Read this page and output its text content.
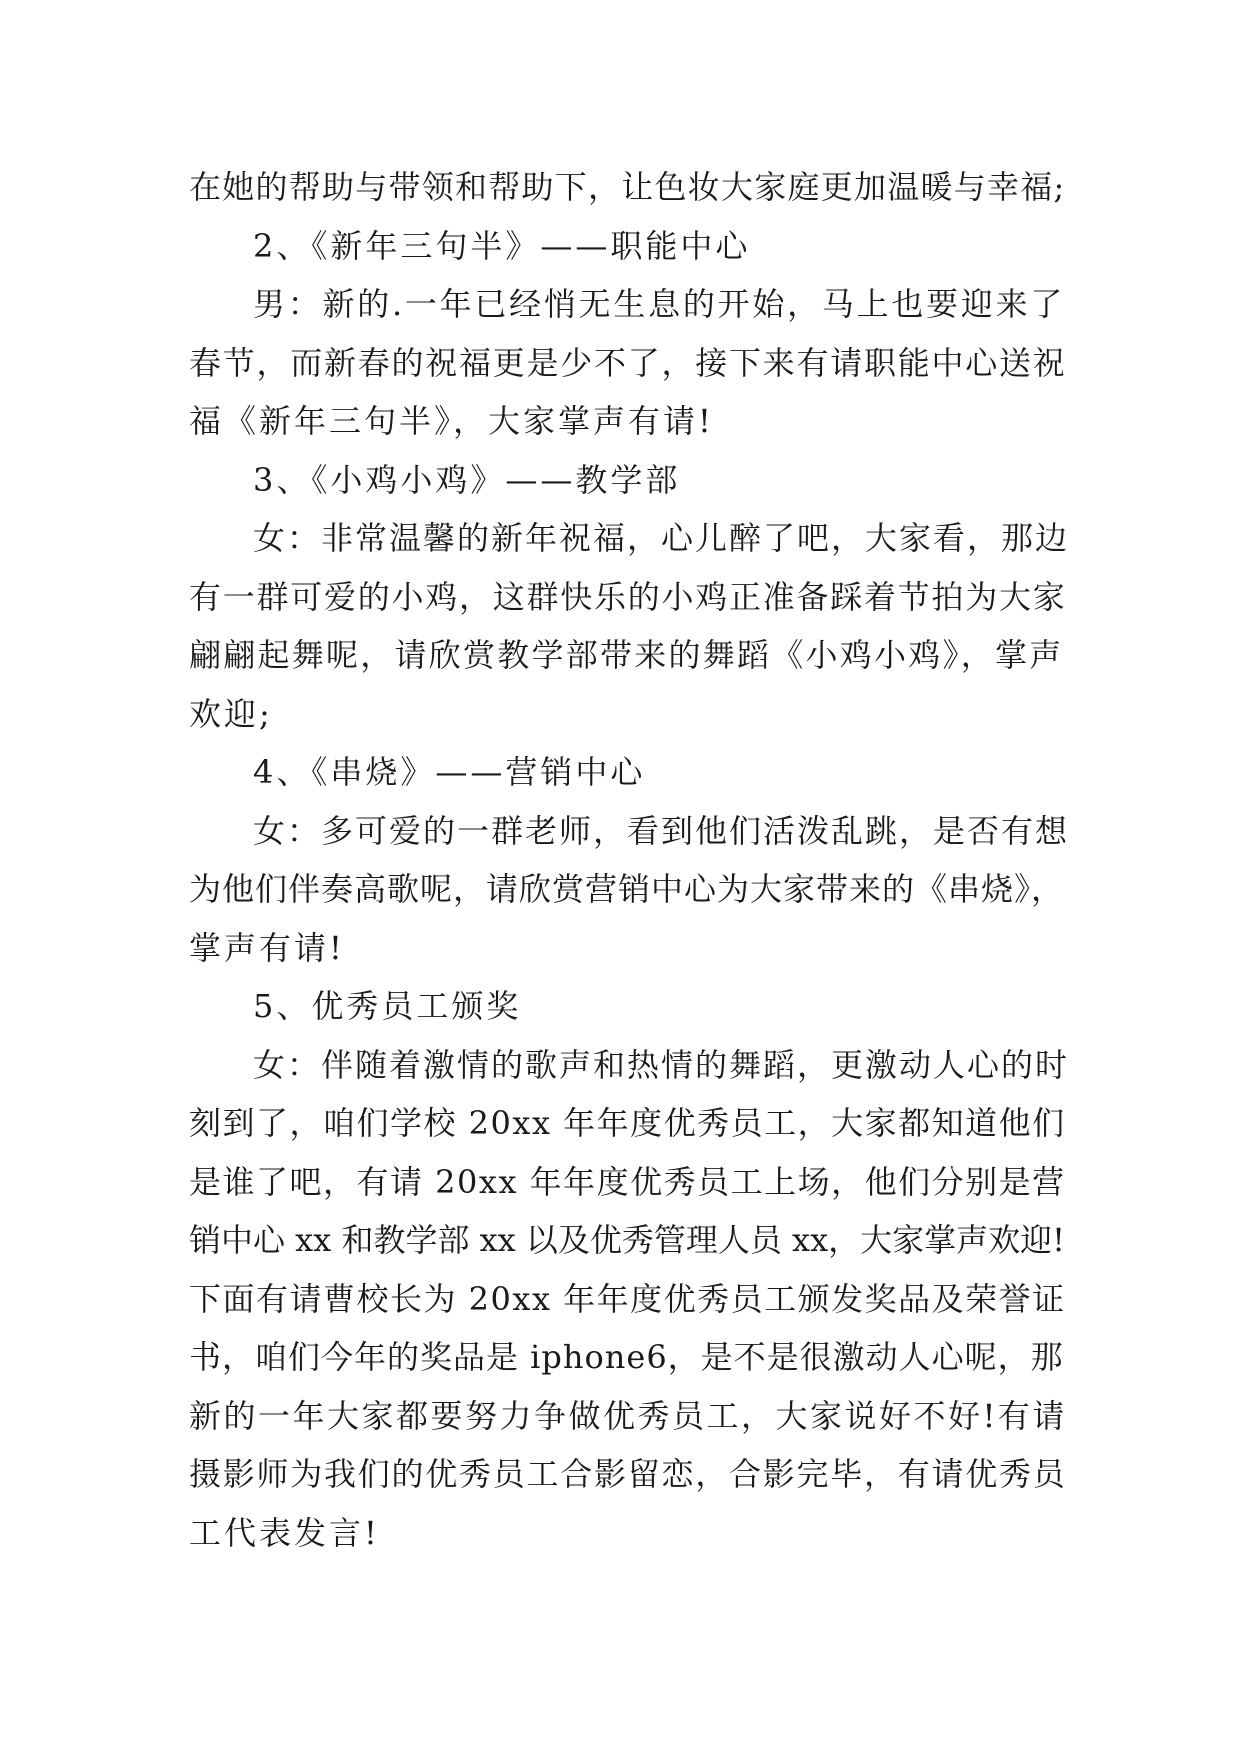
在她的帮助与带领和帮助下，让色妆大家庭更加温暖与幸福;
2、《新年三句半》——职能中心
男：新的.一年已经悄无生息的开始，马上也要迎来了
春节，而新春的祝福更是少不了，接下来有请职能中心送祝
福《新年三句半》，大家掌声有请!
3、《小鸡小鸡》——教学部
女：非常温馨的新年祝福，心儿醉了吧，大家看，那边
有一群可爱的小鸡，这群快乐的小鸡正准备踩着节拍为大家
翩翩起舞呢，请欣赏教学部带来的舞蹈《小鸡小鸡》，掌声
欢迎;
4、《串烧》——营销中心
女：多可爱的一群老师，看到他们活泼乱跳，是否有想
为他们伴奏高歌呢，请欣赏营销中心为大家带来的《串烧》，
掌声有请!
5、优秀员工颁奖
女：伴随着激情的歌声和热情的舞蹈，更激动人心的时
刻到了，咱们学校 20xx 年年度优秀员工，大家都知道他们
是谁了吧，有请 20xx 年年度优秀员工上场，他们分别是营
销中心 xx 和教学部 xx 以及优秀管理人员 xx，大家掌声欢迎!
下面有请曹校长为 20xx 年年度优秀员工颁发奖品及荣誉证
书，咱们今年的奖品是 iphone6，是不是很激动人心呢，那
新的一年大家都要努力争做优秀员工，大家说好不好!有请
摄影师为我们的优秀员工合影留恋，合影完毕，有请优秀员
工代表发言!
